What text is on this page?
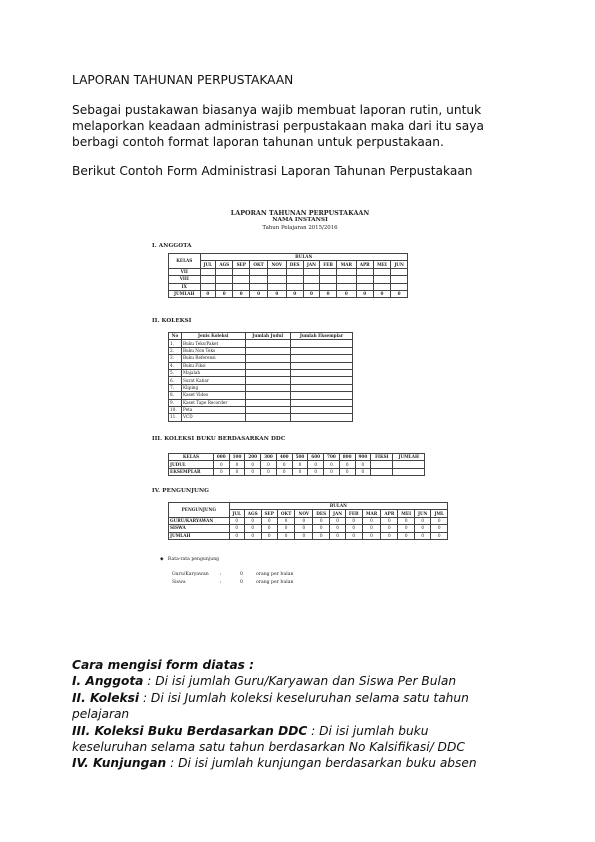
LAPORAN TAHUNAN PERPUSTAKAAN
Sebagai pustakawan biasanya wajib membuat laporan rutin, untuk
melaporkan keadaan administrasi perpustakaan maka dari itu saya
berbagi contoh format laporan tahunan untuk perpustakaan.
Berikut Contoh Form Administrasi Laporan Tahunan Perpustakaan
LAPORAN TAHUNAN PERPUSTAKAAN
NAMA INSTANSI
Tahun Pelajaran 2015/2016
I. ANGGOTA
KELAS	BULAN											
	JUL	AGS	SEP	OKT	NOV	DES	JAN	FEB	MAR	APR	MEI	JUN
VII												
VIII												
IX												
JUMLAH	0	0	0	0	0	0	0	0	0	0	0	0
II. KOLEKSI
No	Jenis Koleksi	Jumlah Judul	Jumlah Eksemplar
1.	Buku Teks/Paket		
2.	Buku Non Teks		
3.	Buku Referensi		
4.	Buku Fiksi		
5.	Majalah		
6.	Surat Kabar		
7.	Kliping		
8.	Kaset Video		
9.	Kaset Tape Recorder		
10.	Peta		
11.	VCD		
III. KOLEKSI BUKU BERDASARKAN DDC
KELAS	000	100	200	300	400	500	600	700	800	900	FIKSI	JUMLAH
JUDUL	0	0	0	0	0	0	0	0	0	0		
EKSEMPLAR	0	0	0	0	0	0	0	0	0	0		
IV. PENGUNJUNG
PENGUNJUNG	BULAN												
	JUL	AGS	SEP	OKT	NOV	DES	JAN	FEB	MAR	APR	MEI	JUN	JML
GURU/KARYAWAN	0	0	0	0	0	0	0	0	0	0	0	0	0
SISWA	0	0	0	0	0	0	0	0	0	0	0	0	0
JUMLAH	0	0	0	0	0	0	0	0	0	0	0	0	0
◆   Rata-rata pengunjung
Guru/Karyawan :	0	orang per bulan
Siswa	:	0	orang per bulan
Cara mengisi form diatas :
I. Anggota : Di isi jumlah Guru/Karyawan dan Siswa Per Bulan
II. Koleksi : Di isi Jumlah koleksi keseluruhan selama satu tahun
pelajaran
III. Koleksi Buku Berdasarkan DDC : Di isi jumlah buku
keseluruhan selama satu tahun berdasarkan No Kalsifikasi/ DDC
IV. Kunjungan : Di isi jumlah kunjungan berdasarkan buku absen
